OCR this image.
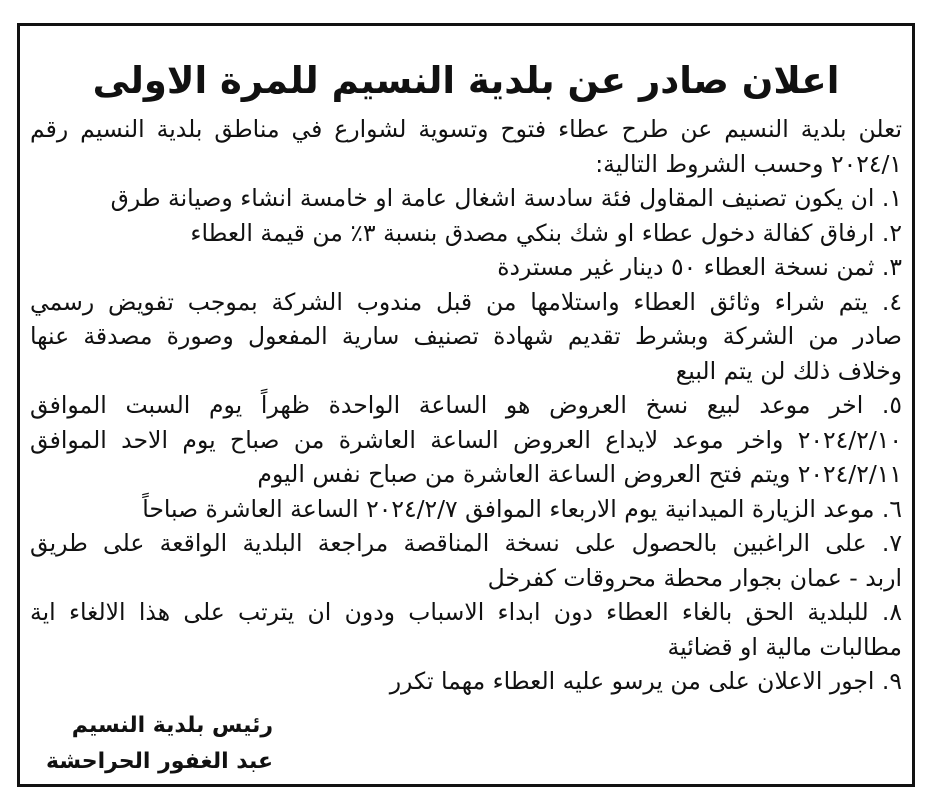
اعلان صادر عن بلدية النسيم للمرة الاولى
تعلن بلدية النسيم عن طرح عطاء فتوح وتسوية لشوارع في مناطق بلدية النسيم رقم
٢٠٢٤/١ وحسب الشروط التالية:
١. ان يكون تصنيف المقاول فئة سادسة اشغال عامة او خامسة انشاء وصيانة طرق
٢. ارفاق كفالة دخول عطاء او شك بنكي مصدق بنسبة ٣٪ من قيمة العطاء
٣. ثمن نسخة العطاء ٥٠ دينار غير مستردة
٤. يتم شراء وثائق العطاء واستلامها من قبل مندوب الشركة بموجب تفويض رسمي
صادر من الشركة وبشرط تقديم شهادة تصنيف سارية المفعول وصورة مصدقة عنها
وخلاف ذلك لن يتم البيع
٥. اخر موعد لبيع نسخ العروض هو الساعة الواحدة ظهراً يوم السبت الموافق
٢٠٢٤/٢/١٠ واخر موعد لايداع العروض الساعة العاشرة من صباح يوم الاحد الموافق
٢٠٢٤/٢/١١ ويتم فتح العروض الساعة العاشرة من صباح نفس اليوم
٦. موعد الزيارة الميدانية يوم الاربعاء الموافق ٢٠٢٤/٢/٧ الساعة العاشرة صباحاً
٧. على الراغبين بالحصول على نسخة المناقصة مراجعة البلدية الواقعة على طريق
اربد - عمان بجوار محطة محروقات كفرخل
٨. للبلدية الحق بالغاء العطاء دون ابداء الاسباب ودون ان يترتب على هذا الالغاء اية
مطالبات مالية او قضائية
٩. اجور الاعلان على من يرسو عليه العطاء مهما تكرر
رئيس بلدية النسيم
عبد الغفور الحراحشة
